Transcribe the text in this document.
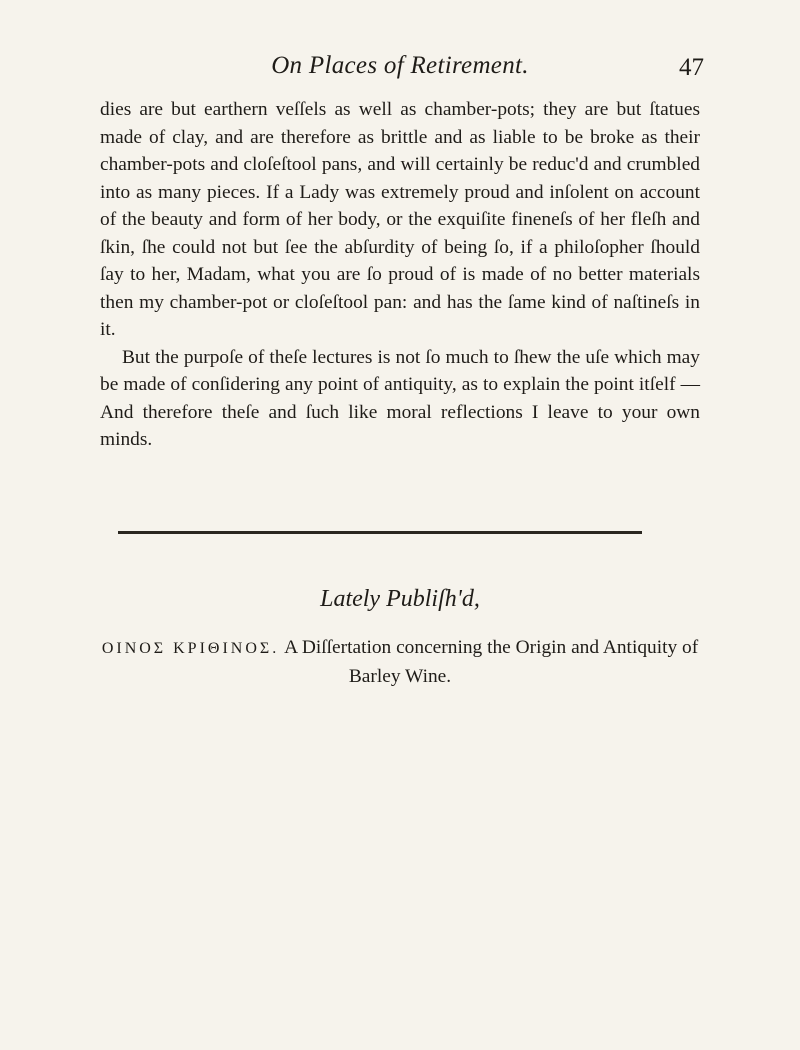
On Places of Retirement.	47

dies are but earthern veſſels as well as chamber-pots; they are but ſtatues made of clay, and are therefore as brittle and as liable to be broke as their chamber-pots and cloſeſtool pans, and will certainly be reduc'd and crumbled into as many pieces. If a Lady was extremely proud and inſolent on account of the beauty and form of her body, or the exquiſite fineneſs of her fleſh and ſkin, ſhe could not but ſee the abſurdity of being ſo, if a philoſopher ſhould ſay to her, Madam, what you are ſo proud of is made of no better materials then my chamber-pot or cloſeſtool pan: and has the ſame kind of naſtineſs in it.

But the purpoſe of theſe lectures is not ſo much to ſhew the uſe which may be made of conſidering any point of antiquity, as to explain the point itſelf — And therefore theſe and ſuch like moral reflections I leave to your own minds.

Lately Publiſh'd,
ΟΙΝΟΣ ΚΡΙΘΙΝΟΣ. A Diſſertation concerning the Origin and Antiquity of Barley Wine.
